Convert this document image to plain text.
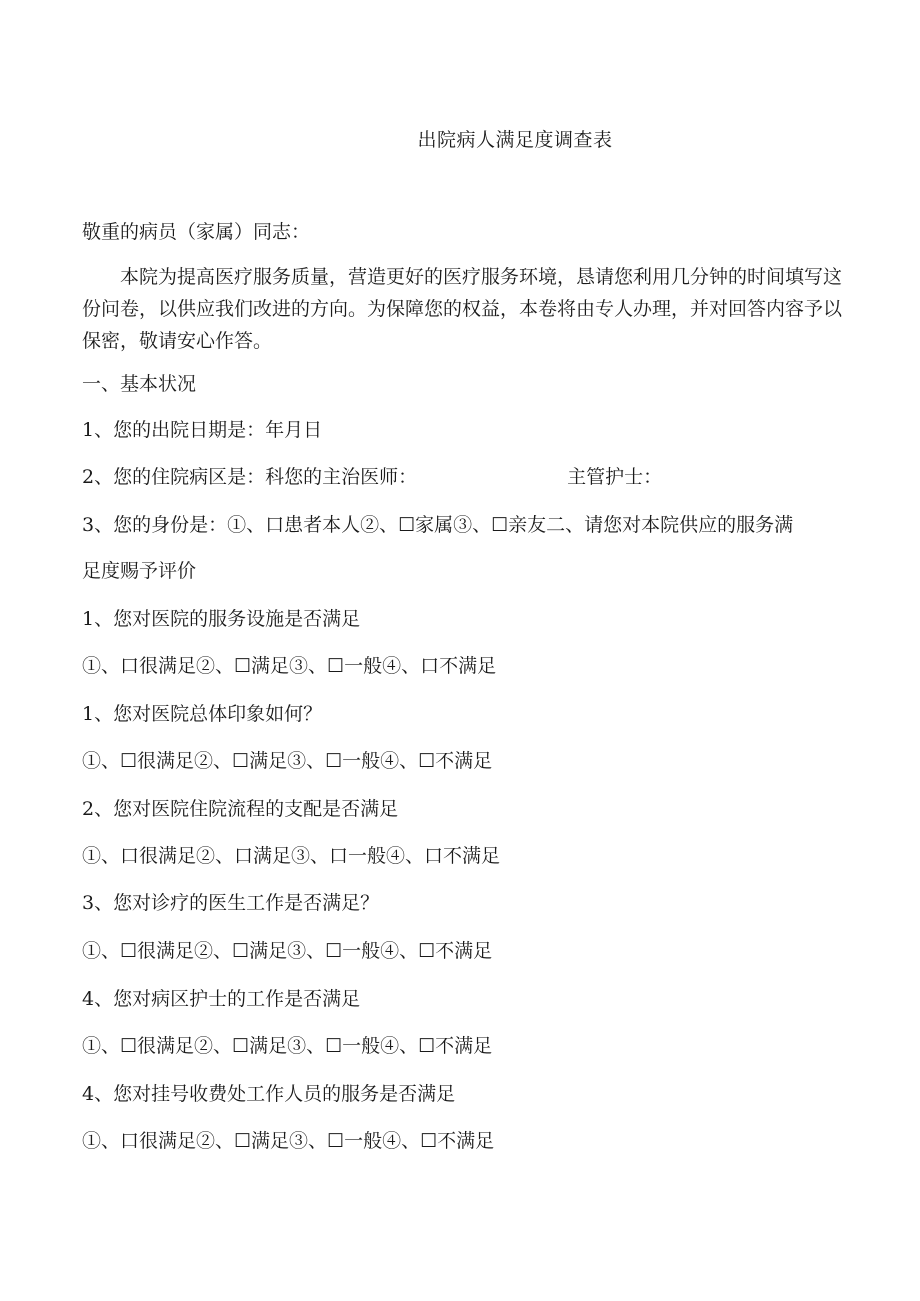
出院病人满足度调查表
敬重的病员（家属）同志：
本院为提高医疗服务质量，营造更好的医疗服务环境，恳请您利用几分钟的时间填写这份问卷，以供应我们改进的方向。为保障您的权益，本卷将由专人办理，并对回答内容予以保密，敬请安心作答。
一、基本状况
1、您的出院日期是：年月日
2、您的住院病区是：科您的主治医师：	主管护士：
3、您的身份是：①、口患者本人②、☐家属③、☐亲友二、请您对本院供应的服务满
足度赐予评价
1、您对医院的服务设施是否满足
①、口很满足②、☐满足③、☐一般④、口不满足
1、您对医院总体印象如何？
①、☐很满足②、☐满足③、☐一般④、☐不满足
2、您对医院住院流程的支配是否满足
①、口很满足②、口满足③、口一般④、口不满足
3、您对诊疗的医生工作是否满足？
①、☐很满足②、☐满足③、☐一般④、☐不满足
4、您对病区护士的工作是否满足
①、☐很满足②、☐满足③、☐一般④、☐不满足
4、您对挂号收费处工作人员的服务是否满足
①、口很满足②、☐满足③、☐一般④、☐不满足
